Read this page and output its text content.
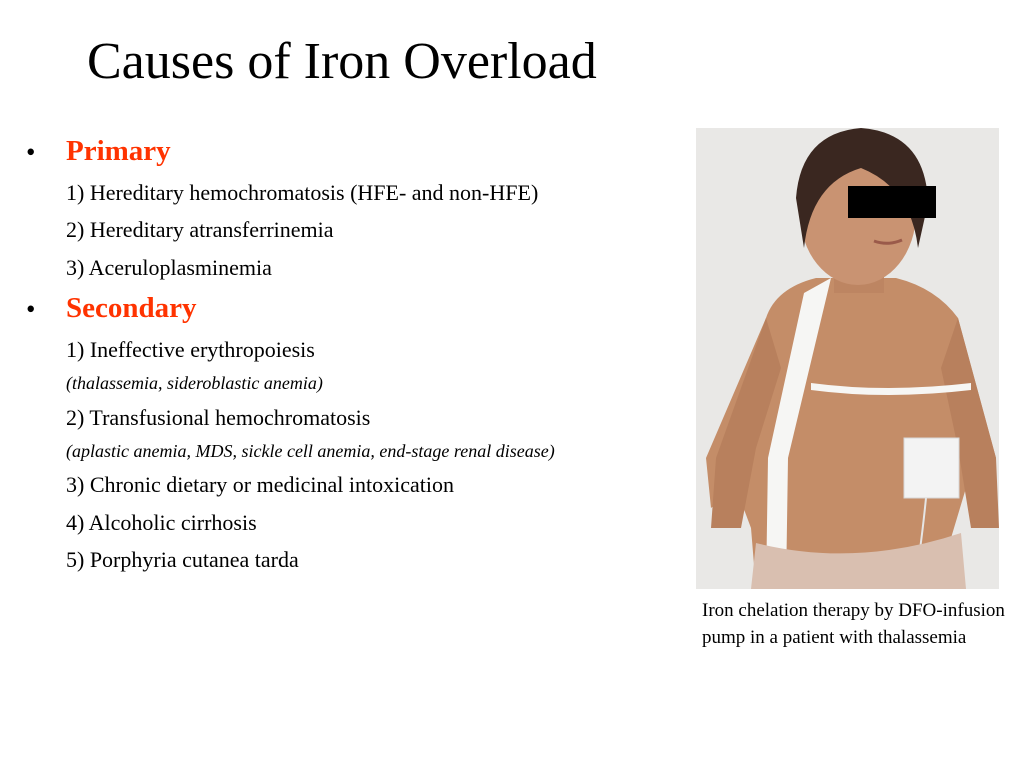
Causes of Iron Overload
• Primary
1) Hereditary hemochromatosis (HFE- and non-HFE)
2) Hereditary atransferrinemia
3) Aceruloplasminemia
• Secondary
1) Ineffective erythropoiesis
(thalassemia, sideroblastic anemia)
2) Transfusional hemochromatosis
(aplastic anemia, MDS, sickle cell anemia, end-stage renal disease)
3) Chronic dietary or medicinal intoxication
4) Alcoholic cirrhosis
5) Porphyria cutanea tarda
Iron chelation therapy by DFO-infusion pump in a patient with thalassemia
